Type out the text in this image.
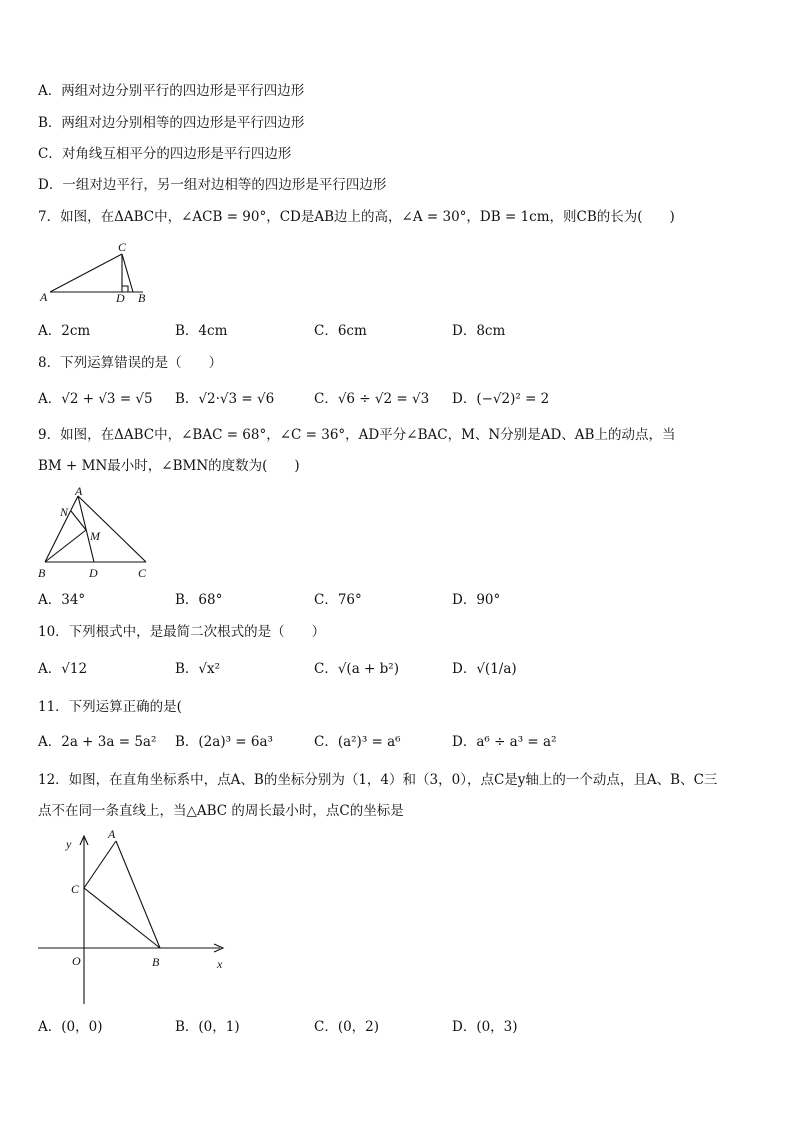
A．两组对边分别平行的四边形是平行四边形
B．两组对边分别相等的四边形是平行四边形
C．对角线互相平分的四边形是平行四边形
D．一组对边平行，另一组对边相等的四边形是平行四边形
7．如图，在ΔABC中，∠ACB = 90°，CD是AB边上的高，∠A = 30°，DB = 1cm，则CB的长为(　　)
C
A	D B
A．2cm	B．4cm	C．6cm	D．8cm
8．下列运算错误的是（　　）
A．√2 + √3 = √5 B．√2·√3 = √6	C．√6 ÷ √2 = √3 D．(−√2)² = 2
9．如图，在ΔABC中，∠BAC = 68°，∠C = 36°，AD平分∠BAC，M、N分别是AD、AB上的动点，当
BM + MN最小时，∠BMN的度数为(　　)
A
N
M
B	D	C
A．34°	B．68°	C．76°	D．90°
10．下列根式中，是最简二次根式的是（　　）
A．√12	B．√x²	C．√(a + b²)	D．√(1/a)
11．下列运算正确的是(
A．2a + 3a = 5a² B．(2a)³ = 6a³	C．(a²)³ = a⁶	D．a⁶ ÷ a³ = a²
12．如图，在直角坐标系中，点A、B的坐标分别为（1，4）和（3，0），点C是y轴上的一个动点，且A、B、C三
点不在同一条直线上，当△ABC 的周长最小时，点C的坐标是
y
A
C
O	B	x
A．(0，0)	B．(0，1)	C．(0，2)	D．(0，3)
